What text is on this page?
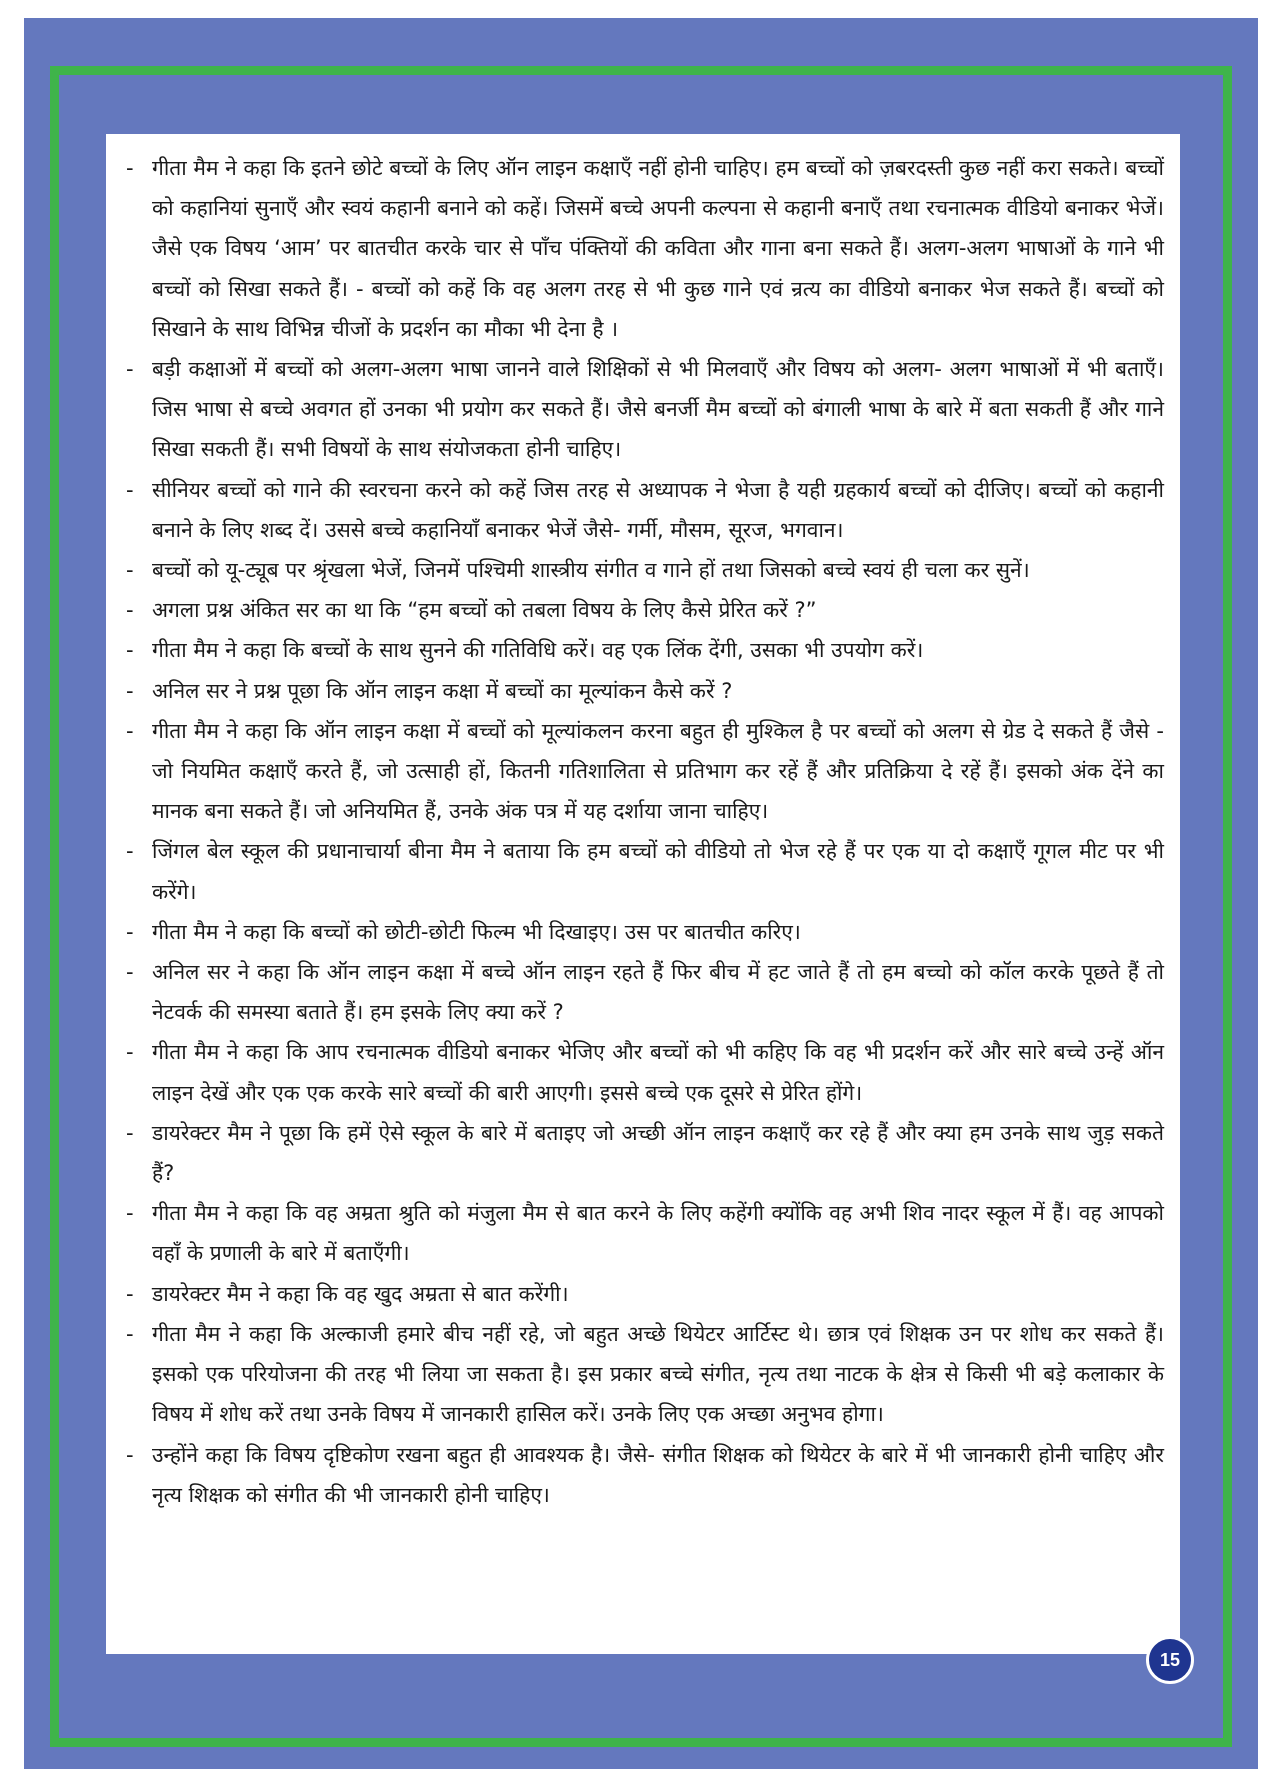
- गीता मैम ने कहा कि इतने छोटे बच्चों के लिए ऑन लाइन कक्षाएँ नहीं होनी चाहिए। हम बच्चों को ज़बरदस्ती कुछ नहीं करा सकते। बच्चों को कहानियां सुनाएँ और स्वयं कहानी बनाने को कहें। जिसमें बच्चे अपनी कल्पना से कहानी बनाएँ तथा रचनात्मक वीडियो बनाकर भेजें। जैसे एक विषय ‘आम’ पर बातचीत करके चार से पाँच पंक्तियों की कविता और गाना बना सकते हैं। अलग-अलग भाषाओं के गाने भी बच्चों को सिखा सकते हैं। - बच्चों को कहें कि वह अलग तरह से भी कुछ गाने एवं न्रत्य का वीडियो बनाकर भेज सकते हैं। बच्चों को सिखाने के साथ विभिन्न चीजों के प्रदर्शन का मौका भी देना है ।
- बड़ी कक्षाओं में बच्चों को अलग-अलग भाषा जानने वाले शिक्षिकों से भी मिलवाएँ और विषय को अलग- अलग भाषाओं में भी बताएँ। जिस भाषा से बच्चे अवगत हों उनका भी प्रयोग कर सकते हैं। जैसे बनर्जी मैम बच्चों को बंगाली भाषा के बारे में बता सकती हैं और गाने सिखा सकती हैं। सभी विषयों के साथ संयोजकता होनी चाहिए।
- सीनियर बच्चों को गाने की स्वरचना करने को कहें जिस तरह से अध्यापक ने भेजा है यही ग्रहकार्य बच्चों को दीजिए। बच्चों को कहानी बनाने के लिए शब्द दें। उससे बच्चे कहानियाँ बनाकर भेजें जैसे- गर्मी, मौसम, सूरज, भगवान।
- बच्चों को यू-ट्यूब पर श्रृंखला भेजें, जिनमें पश्चिमी शास्त्रीय संगीत व गाने हों तथा जिसको बच्चे स्वयं ही चला कर सुनें।
- अगला प्रश्न अंकित सर का था कि “हम बच्चों को तबला विषय के लिए कैसे प्रेरित करें ?”
- गीता मैम ने कहा कि बच्चों के साथ सुनने की गतिविधि करें। वह एक लिंक देंगी, उसका भी उपयोग करें।
- अनिल सर ने प्रश्न पूछा कि ऑन लाइन कक्षा में बच्चों का मूल्यांकन कैसे करें ?
- गीता मैम ने कहा कि ऑन लाइन कक्षा में बच्चों को मूल्यांकलन करना बहुत ही मुश्किल है पर बच्चों को अलग से ग्रेड दे सकते हैं जैसे - जो नियमित कक्षाएँ करते हैं, जो उत्साही हों, कितनी गतिशालिता से प्रतिभाग कर रहें हैं और प्रतिक्रिया दे रहें हैं। इसको अंक देंने का मानक बना सकते हैं। जो अनियमित हैं, उनके अंक पत्र में यह दर्शाया जाना चाहिए।
- जिंगल बेल स्कूल की प्रधानाचार्या बीना मैम ने बताया कि हम बच्चों को वीडियो तो भेज रहे हैं पर एक या दो कक्षाएँ गूगल मीट पर भी करेंगे।
- गीता मैम ने कहा कि बच्चों को छोटी-छोटी फिल्म भी दिखाइए। उस पर बातचीत करिए।
- अनिल सर ने कहा कि ऑन लाइन कक्षा में बच्चे ऑन लाइन रहते हैं फिर बीच में हट जाते हैं तो हम बच्चो को कॉल करके पूछते हैं तो नेटवर्क की समस्या बताते हैं। हम इसके लिए क्या करें ?
- गीता मैम ने कहा कि आप रचनात्मक वीडियो बनाकर भेजिए और बच्चों को भी कहिए कि वह भी प्रदर्शन करें और सारे बच्चे उन्हें ऑन लाइन देखें और एक एक करके सारे बच्चों की बारी आएगी। इससे बच्चे एक दूसरे से प्रेरित होंगे।
- डायरेक्टर मैम ने पूछा कि हमें ऐसे स्कूल के बारे में बताइए जो अच्छी ऑन लाइन कक्षाएँ कर रहे हैं और क्या हम उनके साथ जुड़ सकते हैं?
- गीता मैम ने कहा कि वह अम्रता श्रुति को मंजुला मैम से बात करने के लिए कहेंगी क्योंकि वह अभी शिव नादर स्कूल में हैं। वह आपको वहाँ के प्रणाली के बारे में बताएँगी।
- डायरेक्टर मैम ने कहा कि वह खुद अम्रता से बात करेंगी।
- गीता मैम ने कहा कि अल्काजी हमारे बीच नहीं रहे, जो बहुत अच्छे थियेटर आर्टिस्ट थे। छात्र एवं शिक्षक उन पर शोध कर सकते हैं। इसको एक परियोजना की तरह भी लिया जा सकता है। इस प्रकार बच्चे संगीत, नृत्य तथा नाटक के क्षेत्र से किसी भी बड़े कलाकार के विषय में शोध करें तथा उनके विषय में जानकारी हासिल करें। उनके लिए एक अच्छा अनुभव होगा।
- उन्होंने कहा कि विषय दृष्टिकोण रखना बहुत ही आवश्यक है। जैसे- संगीत शिक्षक को थियेटर के बारे में भी जानकारी होनी चाहिए और नृत्य शिक्षक को संगीत की भी जानकारी होनी चाहिए।
15
